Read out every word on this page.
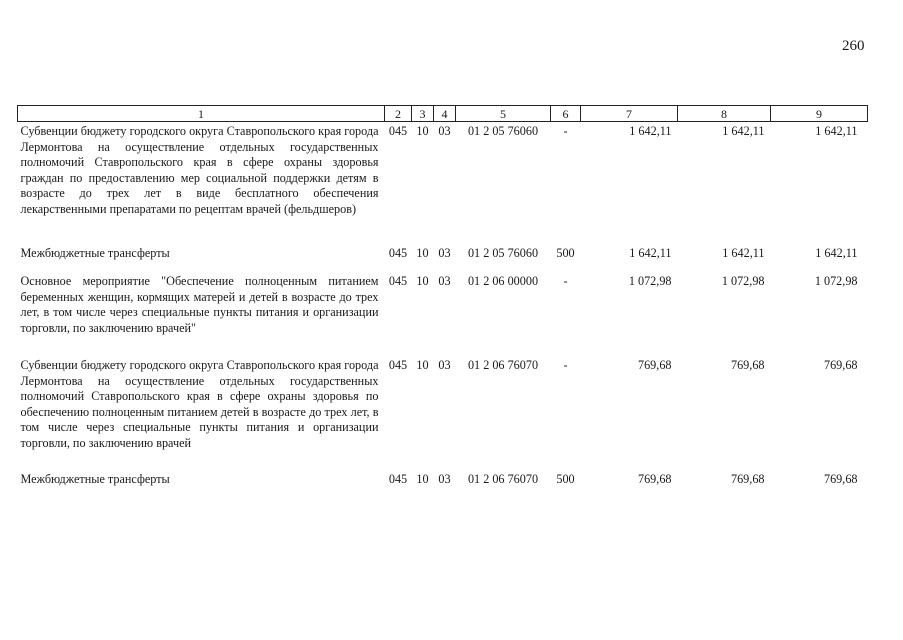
260
1	2	3	4	5	6	7	8	9
Субвенции бюджету городского округа Ставропольского края города Лермонтова на осуществление отдельных государственных полномочий Ставропольского края в сфере охраны здоровья граждан по предоставлению мер социальной поддержки детям в возрасте до трех лет в виде бесплатного обеспечения лекарственными препаратами по рецептам врачей (фельдшеров)	045	10	03	01 2 05 76060	-	1 642,11	1 642,11	1 642,11
Межбюджетные трансферты	045	10	03	01 2 05 76060	500	1 642,11	1 642,11	1 642,11
Основное мероприятие "Обеспечение полноценным питанием беременных женщин, кормящих матерей и детей в возрасте до трех лет, в том числе через специальные пункты питания и организации торговли, по заключению врачей"	045	10	03	01 2 06 00000	-	1 072,98	1 072,98	1 072,98
Субвенции бюджету городского округа Ставропольского края города Лермонтова на осуществление отдельных государственных полномочий Ставропольского края в сфере охраны здоровья по обеспечению полноценным питанием детей в возрасте до трех лет, в том числе через специальные пункты питания и организации торговли, по заключению врачей	045	10	03	01 2 06 76070	-	769,68	769,68	769,68
Межбюджетные трансферты	045	10	03	01 2 06 76070	500	769,68	769,68	769,68
